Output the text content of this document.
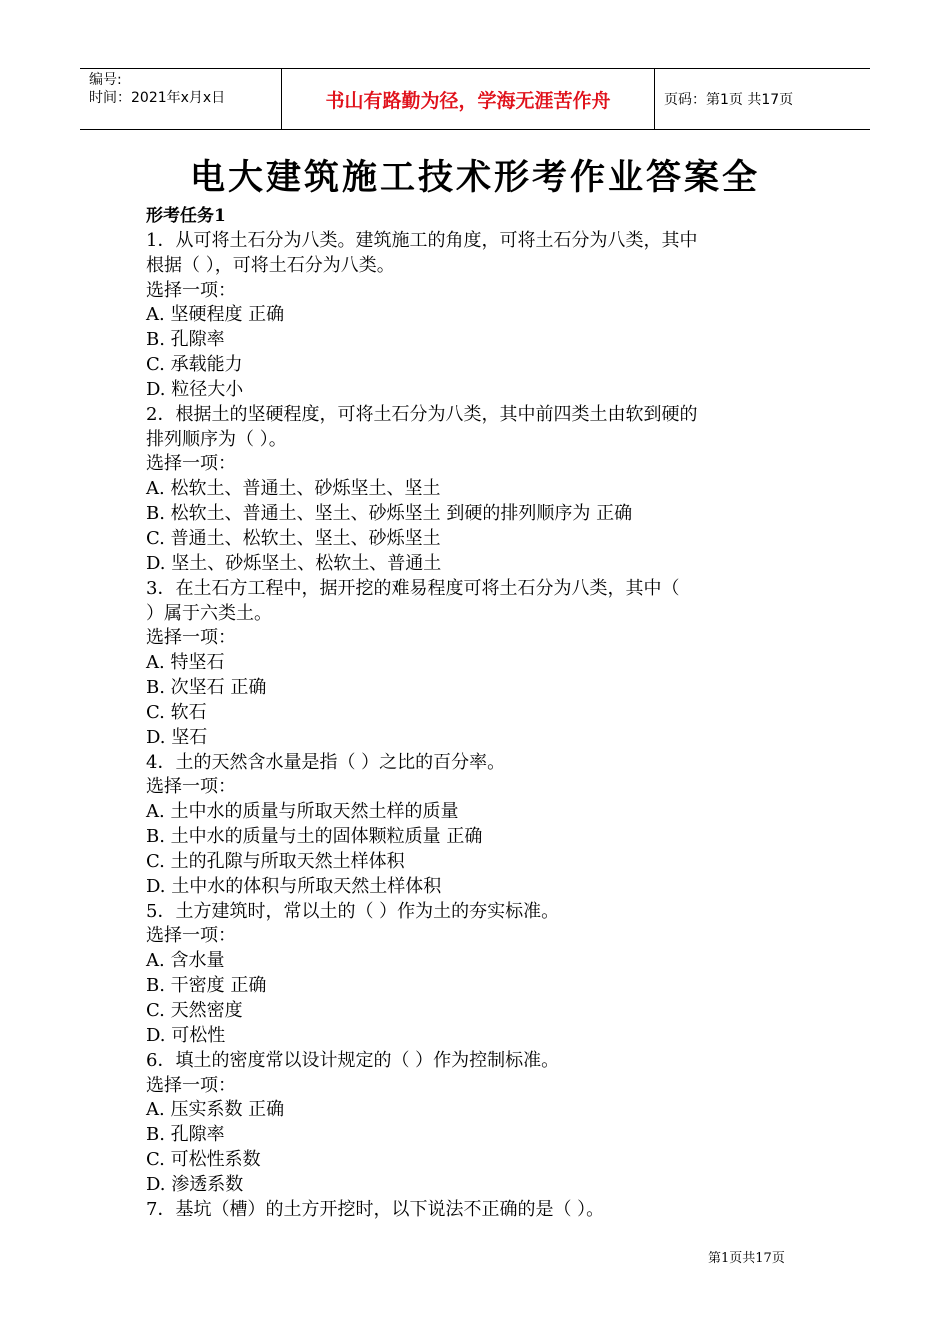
编号:
时间：2021年x月x日	书山有路勤为径，学海无涯苦作舟	页码：第1页 共17页
电大建筑施工技术形考作业答案全
形考任务1
1．从可将土石分为八类。建筑施工的角度，可将土石分为八类，其中
根据（ ），可将土石分为八类。
选择一项：
A. 坚硬程度 正确
B. 孔隙率
C. 承载能力
D. 粒径大小
2．根据土的坚硬程度，可将土石分为八类，其中前四类土由软到硬的
排列顺序为（ ）。
选择一项：
A. 松软土、普通土、砂烁坚土、坚土
B. 松软土、普通土、坚土、砂烁坚土 到硬的排列顺序为 正确
C. 普通土、松软土、坚土、砂烁坚土
D. 坚土、砂烁坚土、松软土、普通土
3．在土石方工程中，据开挖的难易程度可将土石分为八类，其中（
）属于六类土。
选择一项：
A. 特坚石
B. 次坚石 正确
C. 软石
D. 坚石
4．土的天然含水量是指（ ）之比的百分率。
选择一项：
A. 土中水的质量与所取天然土样的质量
B. 土中水的质量与土的固体颗粒质量 正确
C. 土的孔隙与所取天然土样体积
D. 土中水的体积与所取天然土样体积
5．土方建筑时，常以土的（ ）作为土的夯实标准。
选择一项：
A. 含水量
B. 干密度 正确
C. 天然密度
D. 可松性
6．填土的密度常以设计规定的（ ）作为控制标准。
选择一项：
A. 压实系数 正确
B. 孔隙率
C. 可松性系数
D. 渗透系数
7．基坑（槽）的土方开挖时，以下说法不正确的是（ ）。
第1页共17页
